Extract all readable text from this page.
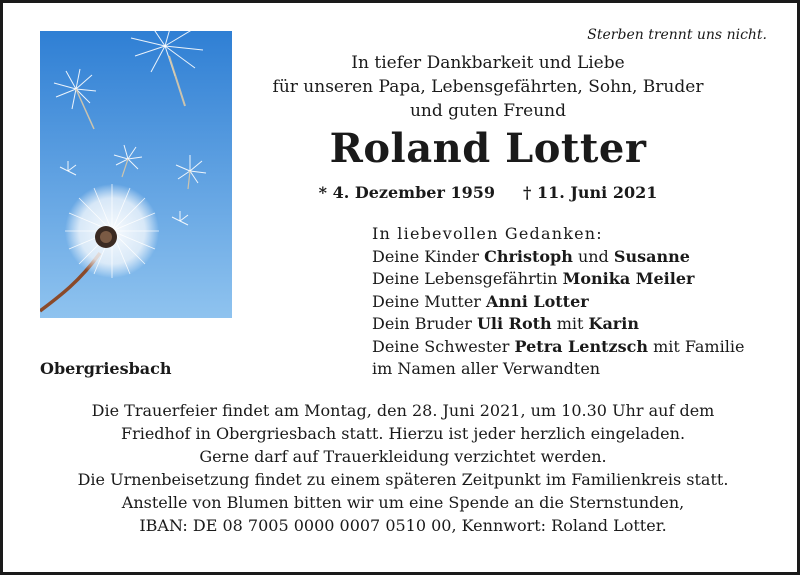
Sterben trennt uns nicht.
In tiefer Dankbarkeit und Liebe
für unseren Papa, Lebensgefährten, Sohn, Bruder
und guten Freund
Roland Lotter
* 4. Dezember 1959 † 11. Juni 2021
In liebevollen Gedanken:
Deine Kinder Christoph und Susanne
Deine Lebensgefährtin Monika Meiler
Deine Mutter Anni Lotter
Dein Bruder Uli Roth mit Karin
Deine Schwester Petra Lentzsch mit Familie
im Namen aller Verwandten
Obergriesbach

Die Trauerfeier findet am Montag, den 28. Juni 2021, um 10.30 Uhr auf dem

Friedhof in Obergriesbach statt. Hierzu ist jeder herzlich eingeladen.

Gerne darf auf Trauerkleidung verzichtet werden.

Die Urnenbeisetzung findet zu einem späteren Zeitpunkt im Familienkreis statt.

Anstelle von Blumen bitten wir um eine Spende an die Sternstunden,

IBAN: DE 08 7005 0000 0007 0510 00, Kennwort: Roland Lotter.
